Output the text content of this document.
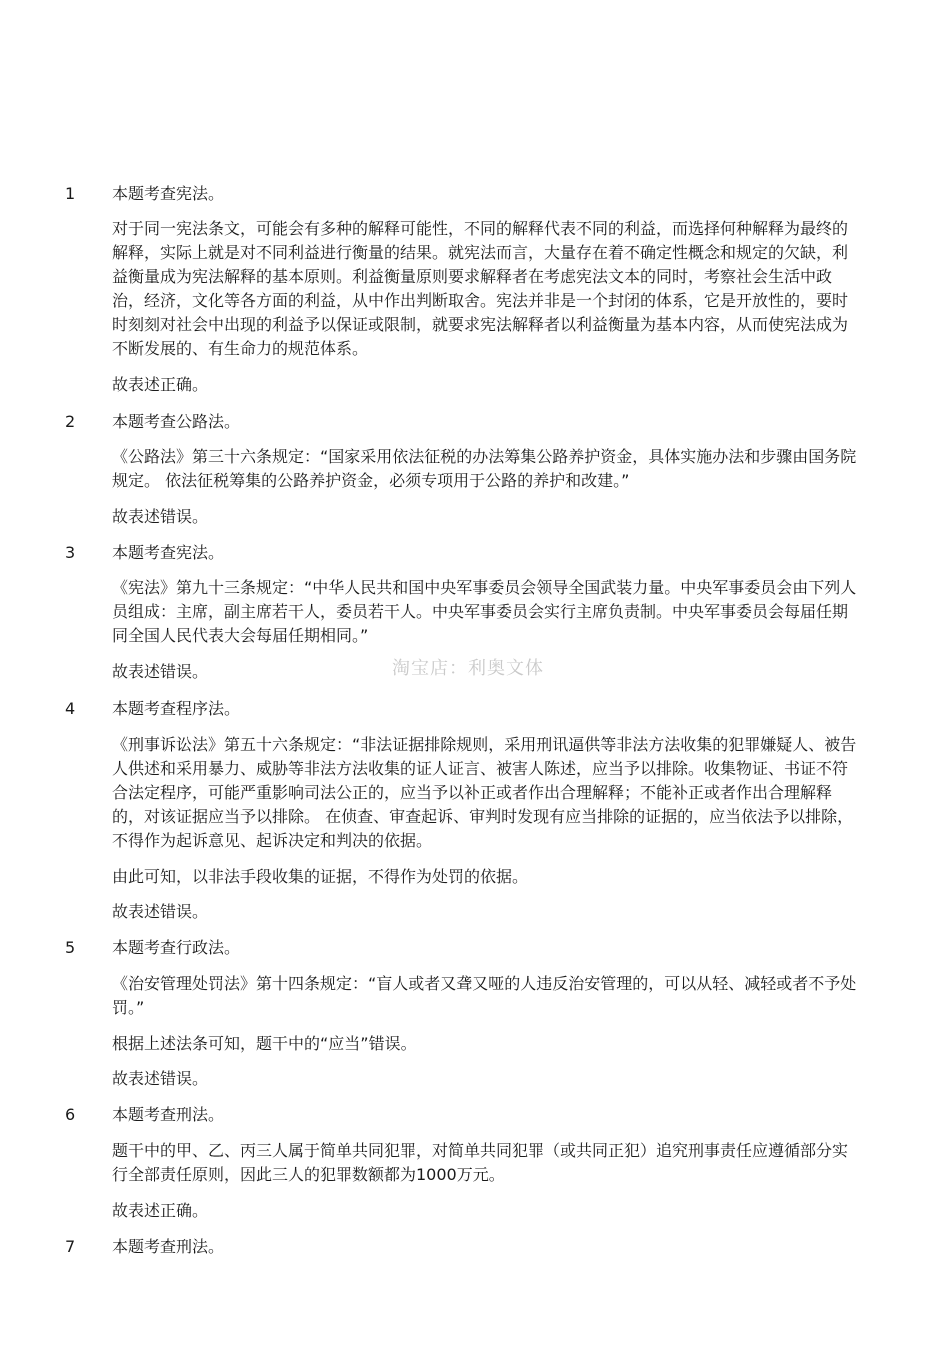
1 本题考查宪法。

对于同一宪法条文，可能会有多种的解释可能性，不同的解释代表不同的利益，而选择何种解释为最终的解释，实际上就是对不同利益进行衡量的结果。就宪法而言，大量存在着不确定性概念和规定的欠缺，利益衡量成为宪法解释的基本原则。利益衡量原则要求解释者在考虑宪法文本的同时，考察社会生活中政治，经济，文化等各方面的利益，从中作出判断取舍。宪法并非是一个封闭的体系，它是开放性的，要时时刻刻对社会中出现的利益予以保证或限制，就要求宪法解释者以利益衡量为基本内容，从而使宪法成为不断发展的、有生命力的规范体系。

故表述正确。

2 本题考查公路法。

《公路法》第三十六条规定：“国家采用依法征税的办法筹集公路养护资金，具体实施办法和步骤由国务院规定。 依法征税筹集的公路养护资金，必须专项用于公路的养护和改建。”

故表述错误。

3 本题考查宪法。

《宪法》第九十三条规定：“中华人民共和国中央军事委员会领导全国武装力量。中央军事委员会由下列人员组成：主席，副主席若干人，委员若干人。中央军事委员会实行主席负责制。中央军事委员会每届任期同全国人民代表大会每届任期相同。”

故表述错误。	淘宝店：利奥文体
4 本题考查程序法。

《刑事诉讼法》第五十六条规定：“非法证据排除规则，采用刑讯逼供等非法方法收集的犯罪嫌疑人、被告人供述和采用暴力、威胁等非法方法收集的证人证言、被害人陈述，应当予以排除。收集物证、书证不符合法定程序，可能严重影响司法公正的，应当予以补正或者作出合理解释；不能补正或者作出合理解释的，对该证据应当予以排除。 在侦查、审查起诉、审判时发现有应当排除的证据的，应当依法予以排除，不得作为起诉意见、起诉决定和判决的依据。

由此可知，以非法手段收集的证据，不得作为处罚的依据。

故表述错误。

5 本题考查行政法。

《治安管理处罚法》第十四条规定：“盲人或者又聋又哑的人违反治安管理的，可以从轻、减轻或者不予处罚。”

根据上述法条可知，题干中的“应当”错误。

故表述错误。

6 本题考查刑法。

题干中的甲、乙、丙三人属于简单共同犯罪，对简单共同犯罪（或共同正犯）追究刑事责任应遵循部分实行全部责任原则，因此三人的犯罪数额都为1000万元。

故表述正确。

7 本题考查刑法。
